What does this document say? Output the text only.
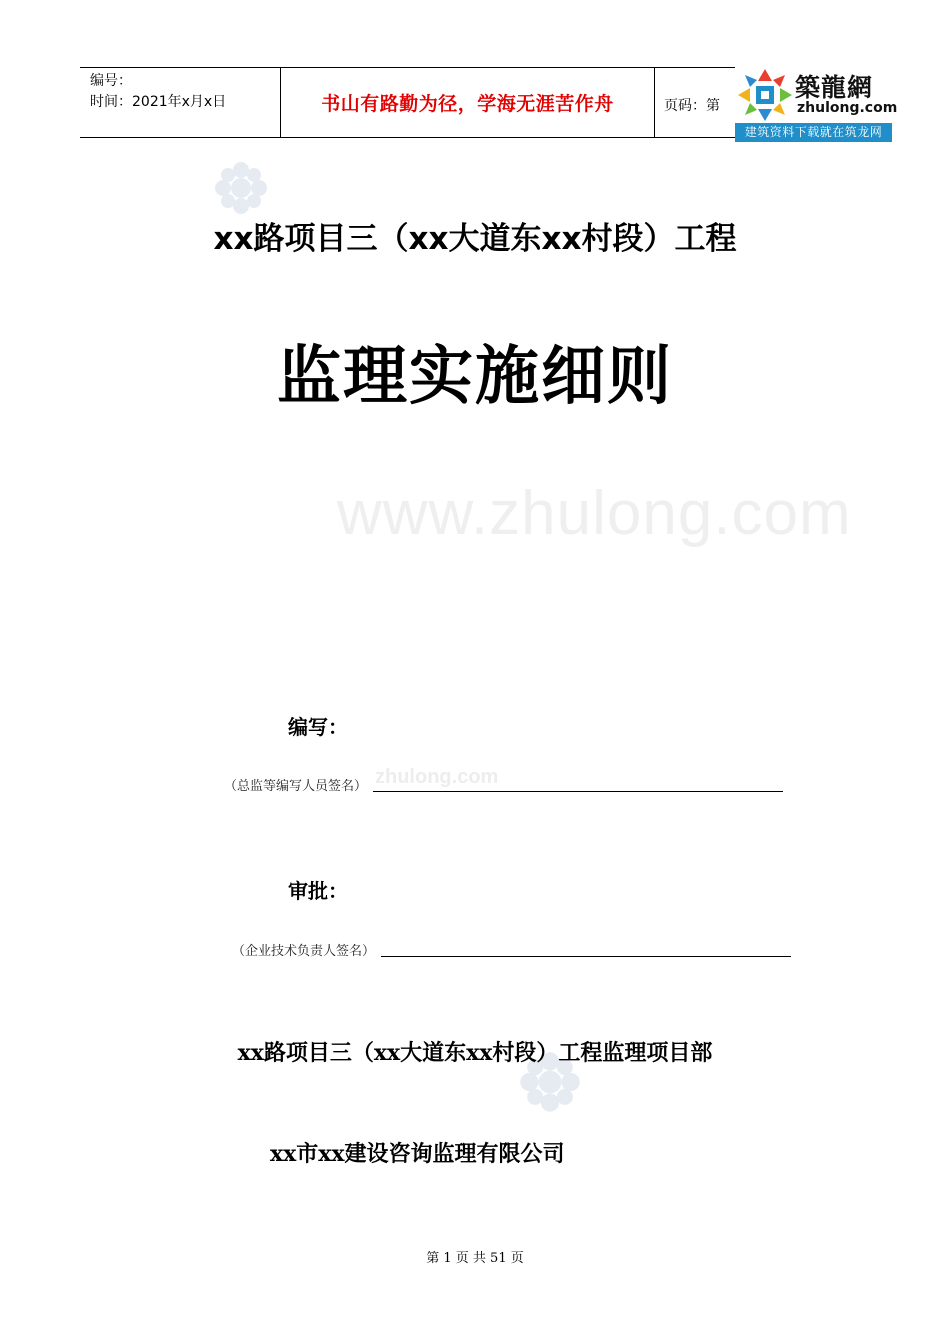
www.zhulong.com
zhulong.com
编号：
时间：2021年x月x日	书山有路勤为径，学海无涯苦作舟	页码：第
築龍網
zhulong.com
建筑资料下载就在筑龙网
xx路项目三（xx大道东xx村段）工程
监理实施细则
编写：
（总监等编写人员签名）
审批：
（企业技术负责人签名）
xx路项目三（xx大道东xx村段）工程监理项目部
xx市xx建设咨询监理有限公司
第 1 页 共 51 页
